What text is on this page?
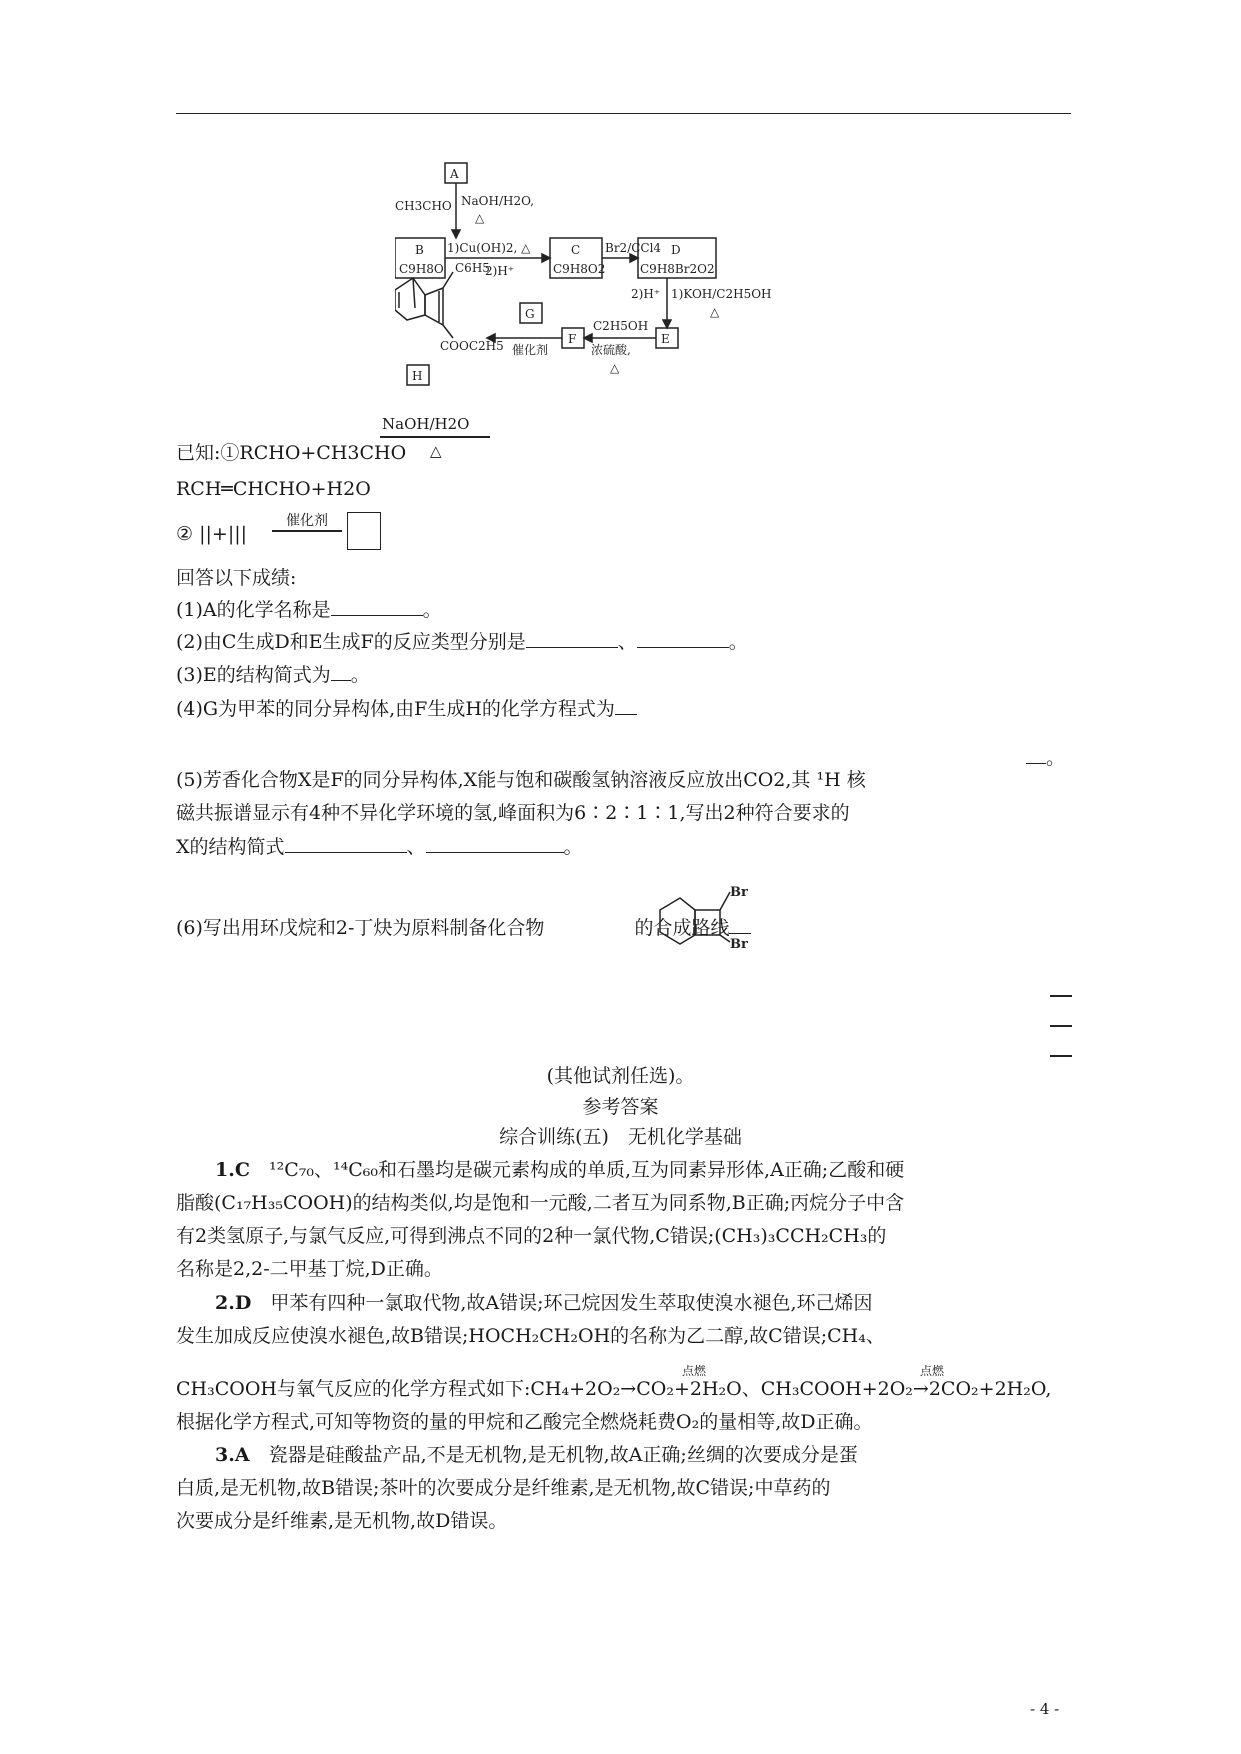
A
CH3CHO NaOH/H2O,
△
B
C9H8O
1)Cu(OH)2, △
2)H⁺
C
C9H8O2
Br2/CCl4 D
C9H8Br2O2
1)KOH/C2H5OH
2)H⁺
△
E
C2H5OH
浓硫酸,
△
F
G
催化剂
H
C6H5
COOC2H5
NaOH/H2O
△
已知:①RCHO+CH3CHO
RCH═CHCHO+H2O
② ||+|||
催化剂
回答以下成绩:
(1)A的化学名称是	。
(2)由C生成D和E生成F的反应类型分别是	、	。
(3)E的结构简式为 。
(4)G为甲苯的同分异构体,由F生成H的化学方程式为
。
(5)芳香化合物X是F的同分异构体,X能与饱和碳酸氢钠溶液反应放出CO2,其 ¹H 核
磁共振谱显示有4种不异化学环境的氢,峰面积为6∶2∶1∶1,写出2种符合要求的
X的结构简式	、	。
(6)写出用环戊烷和2-丁炔为原料制备化合物	的合成路线
Br
Br
(其他试剂任选)。
参考答案
综合训练(五)　无机化学基础
1.C　 ¹²C₇₀、¹⁴C₆₀和石墨均是碳元素构成的单质,互为同素异形体,A正确;乙酸和硬
脂酸(C₁₇H₃₅COOH)的结构类似,均是饱和一元酸,二者互为同系物,B正确;丙烷分子中含
有2类氢原子,与氯气反应,可得到沸点不同的2种一氯代物,C错误;(CH₃)₃CCH₂CH₃的
名称是2,2-二甲基丁烷,D正确。
2.D　 甲苯有四种一氯取代物,故A错误;环己烷因发生萃取使溴水褪色,环己烯因
发生加成反应使溴水褪色,故B错误;HOCH₂CH₂OH的名称为乙二醇,故C错误;CH₄、
点燃	点燃
CH₃COOH与氧气反应的化学方程式如下:CH₄+2O₂→CO₂+2H₂O、CH₃COOH+2O₂→2CO₂+2H₂O,
根据化学方程式,可知等物资的量的甲烷和乙酸完全燃烧耗费O₂的量相等,故D正确。
3.A　 瓷器是硅酸盐产品,不是无机物,是无机物,故A正确;丝绸的次要成分是蛋
白质,是无机物,故B错误;茶叶的次要成分是纤维素,是无机物,故C错误;中草药的
次要成分是纤维素,是无机物,故D错误。
- 4 -
